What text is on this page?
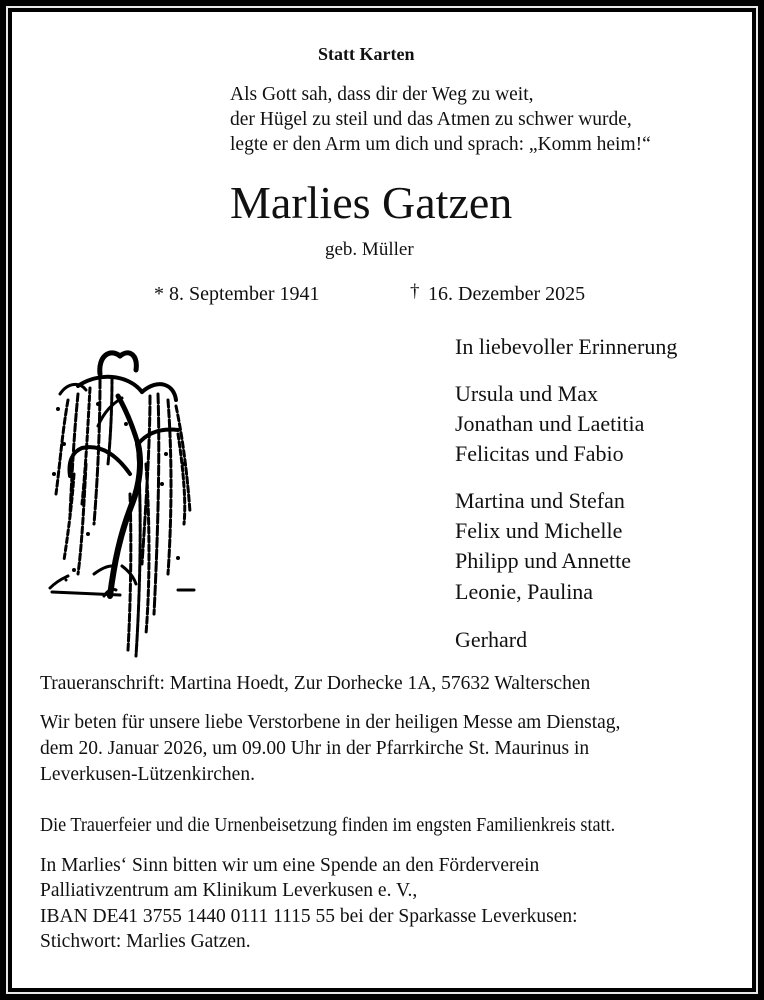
Statt Karten
Als Gott sah, dass dir der Weg zu weit,
der Hügel zu steil und das Atmen zu schwer wurde,
legte er den Arm um dich und sprach: „Komm heim!“
Marlies Gatzen
geb. Müller
* 8. September 1941	† 16. Dezember 2025
In liebevoller Erinnerung
Ursula und Max
Jonathan und Laetitia
Felicitas und Fabio
Martina und Stefan
Felix und Michelle
Philipp und Annette
Leonie, Paulina
Gerhard
Traueranschrift: Martina Hoedt, Zur Dorhecke 1A, 57632 Walterschen
Wir beten für unsere liebe Verstorbene in der heiligen Messe am Dienstag,
dem 20. Januar 2026, um 09.00 Uhr in der Pfarrkirche St. Maurinus in
Leverkusen-Lützenkirchen.
Die Trauerfeier und die Urnenbeisetzung finden im engsten Familienkreis statt.
In Marlies‘ Sinn bitten wir um eine Spende an den Förderverein
Palliativzentrum am Klinikum Leverkusen e. V.,
IBAN DE41 3755 1440 0111 1115 55 bei der Sparkasse Leverkusen:
Stichwort: Marlies Gatzen.
